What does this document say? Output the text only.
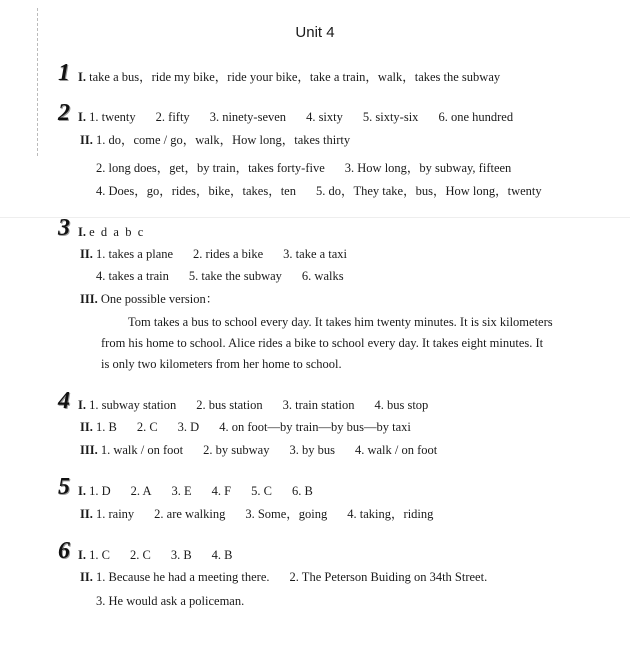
Unit 4
1 I. take a bus，ride my bike，ride your bike，take a train，walk，takes the subway
2 I. 1. twenty 2. fifty 3. ninety-seven 4. sixty 5. sixty-six 6. one hundred
II. 1. do，come / go，walk，How long，takes thirty
2. long does，get，by train，takes forty-five 3. How long，by subway, fifteen
4. Does，go，rides，bike，takes，ten 5. do，They take，bus，How long，twenty
3 I. e  d  a  b  c
II. 1. takes a plane 2. rides a bike 3. take a taxi
4. takes a train 5. take the subway 6. walks
III. One possible version：
Tom takes a bus to school every day. It takes him twenty minutes. It is six kilometers
from his home to school. Alice rides a bike to school every day. It takes eight minutes. It
is only two kilometers from her home to school.
4 I. 1. subway station 2. bus station 3. train station 4. bus stop
II. 1. B 2. C 3. D 4. on foot—by train—by bus—by taxi
III. 1. walk / on foot 2. by subway 3. by bus 4. walk / on foot
5 I. 1. D 2. A 3. E 4. F 5. C 6. B
II. 1. rainy 2. are walking 3. Some，going 4. taking，riding
6 I. 1. C 2. C 3. B 4. B
II. 1. Because he had a meeting there. 2. The Peterson Buiding on 34th Street.
3. He would ask a policeman.
